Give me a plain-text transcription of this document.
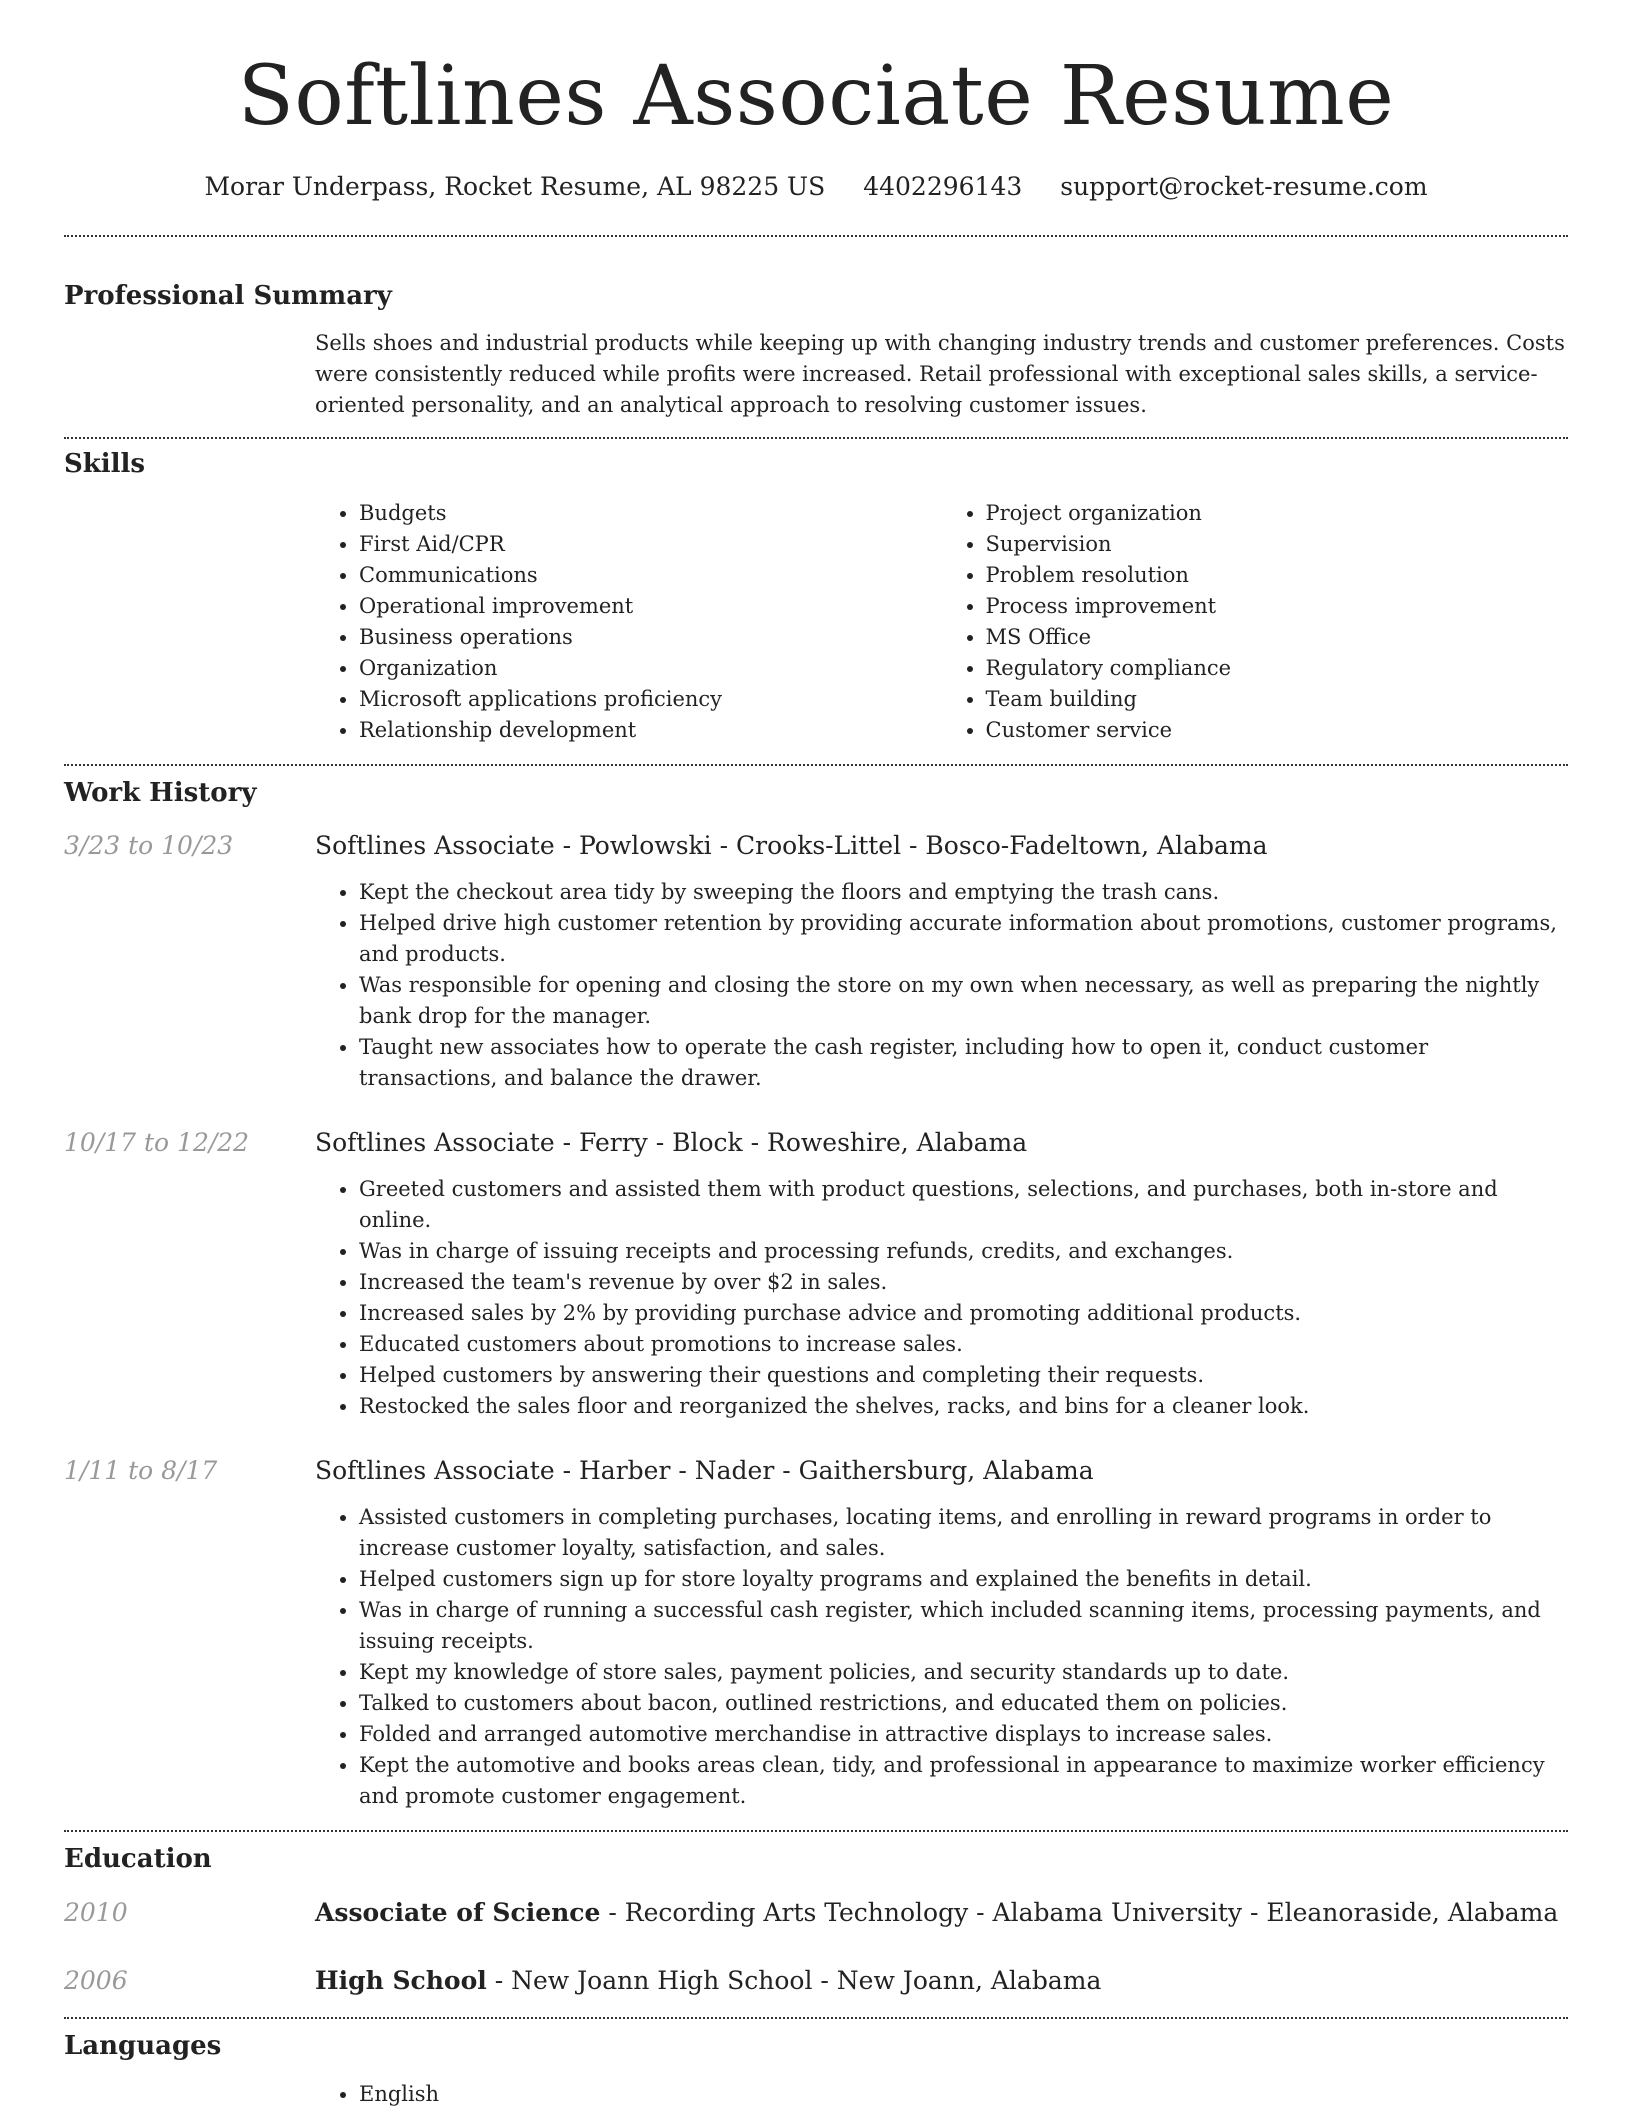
Softlines Associate Resume
Morar Underpass, Rocket Resume, AL 98225 US 4402296143 support@rocket-resume.com
Professional Summary

Sells shoes and industrial products while keeping up with changing industry trends and customer preferences. Costs were consistently reduced while profits were increased. Retail professional with exceptional sales skills, a service-oriented personality, and an analytical approach to resolving customer issues.

Skills
• Budgets
• First Aid/CPR
• Communications
• Operational improvement
• Business operations
• Organization
• Microsoft applications proficiency
• Relationship development
• Project organization
• Supervision
• Problem resolution
• Process improvement
• MS Office
• Regulatory compliance
• Team building
• Customer service
Work History
3/23 to 10/23	Softlines Associate - Powlowski - Crooks-Littel - Bosco-Fadeltown, Alabama
• Kept the checkout area tidy by sweeping the floors and emptying the trash cans.
• Helped drive high customer retention by providing accurate information about promotions, customer programs, and products.
• Was responsible for opening and closing the store on my own when necessary, as well as preparing the nightly bank drop for the manager.
• Taught new associates how to operate the cash register, including how to open it, conduct customer transactions, and balance the drawer.
10/17 to 12/22	Softlines Associate - Ferry - Block - Roweshire, Alabama
• Greeted customers and assisted them with product questions, selections, and purchases, both in-store and online.
• Was in charge of issuing receipts and processing refunds, credits, and exchanges.
• Increased the team's revenue by over $2 in sales.
• Increased sales by 2% by providing purchase advice and promoting additional products.
• Educated customers about promotions to increase sales.
• Helped customers by answering their questions and completing their requests.
• Restocked the sales floor and reorganized the shelves, racks, and bins for a cleaner look.
1/11 to 8/17	Softlines Associate - Harber - Nader - Gaithersburg, Alabama
• Assisted customers in completing purchases, locating items, and enrolling in reward programs in order to increase customer loyalty, satisfaction, and sales.
• Helped customers sign up for store loyalty programs and explained the benefits in detail.
• Was in charge of running a successful cash register, which included scanning items, processing payments, and issuing receipts.
• Kept my knowledge of store sales, payment policies, and security standards up to date.
• Talked to customers about bacon, outlined restrictions, and educated them on policies.
• Folded and arranged automotive merchandise in attractive displays to increase sales.
• Kept the automotive and books areas clean, tidy, and professional in appearance to maximize worker efficiency and promote customer engagement.
Education
2010	Associate of Science - Recording Arts Technology - Alabama University - Eleanoraside, Alabama
2006	High School - New Joann High School - New Joann, Alabama
Languages
• English
